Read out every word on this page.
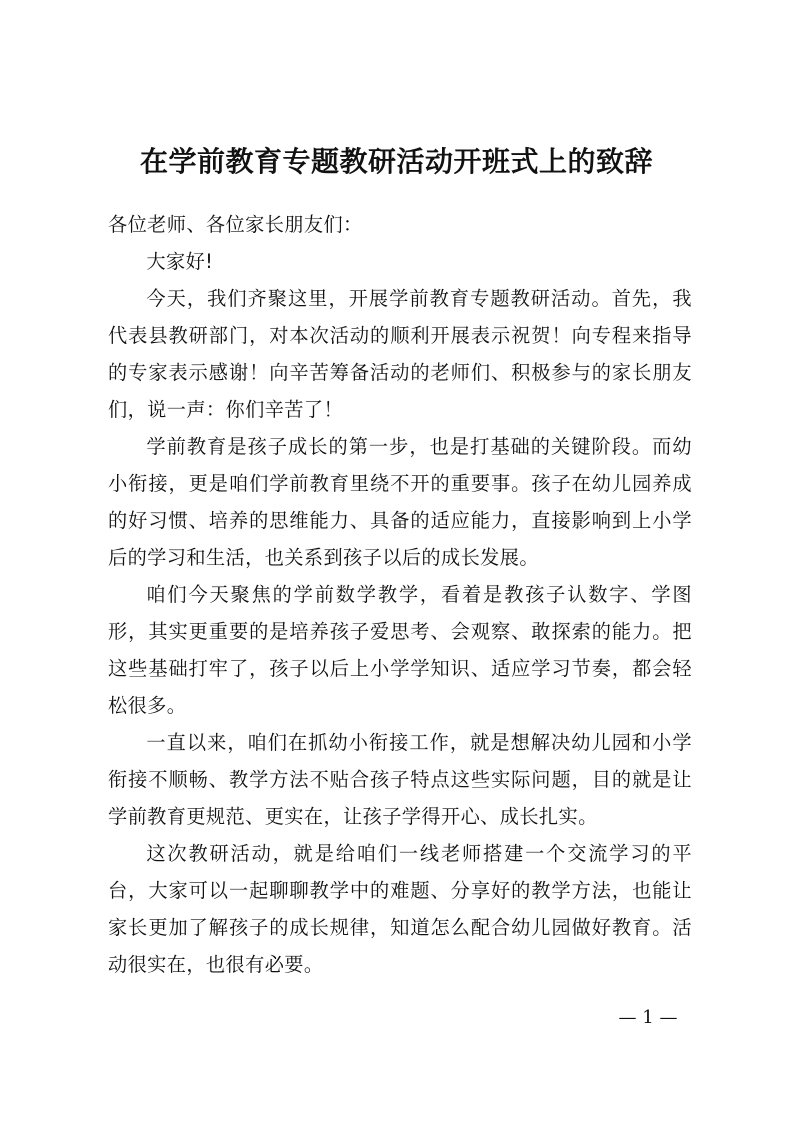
在学前教育专题教研活动开班式上的致辞

各位老师、各位家长朋友们：

大家好!

今天，我们齐聚这里，开展学前教育专题教研活动。首先，我代表县教研部门，对本次活动的顺利开展表示祝贺！向专程来指导的专家表示感谢！向辛苦筹备活动的老师们、积极参与的家长朋友们，说一声：你们辛苦了！

学前教育是孩子成长的第一步，也是打基础的关键阶段。而幼小衔接，更是咱们学前教育里绕不开的重要事。孩子在幼儿园养成的好习惯、培养的思维能力、具备的适应能力，直接影响到上小学后的学习和生活，也关系到孩子以后的成长发展。

咱们今天聚焦的学前数学教学，看着是教孩子认数字、学图形，其实更重要的是培养孩子爱思考、会观察、敢探索的能力。把这些基础打牢了，孩子以后上小学学知识、适应学习节奏，都会轻松很多。

一直以来，咱们在抓幼小衔接工作，就是想解决幼儿园和小学衔接不顺畅、教学方法不贴合孩子特点这些实际问题，目的就是让学前教育更规范、更实在，让孩子学得开心、成长扎实。

这次教研活动，就是给咱们一线老师搭建一个交流学习的平台，大家可以一起聊聊教学中的难题、分享好的教学方法，也能让家长更加了解孩子的成长规律，知道怎么配合幼儿园做好教育。活动很实在，也很有必要。

— 1 —
